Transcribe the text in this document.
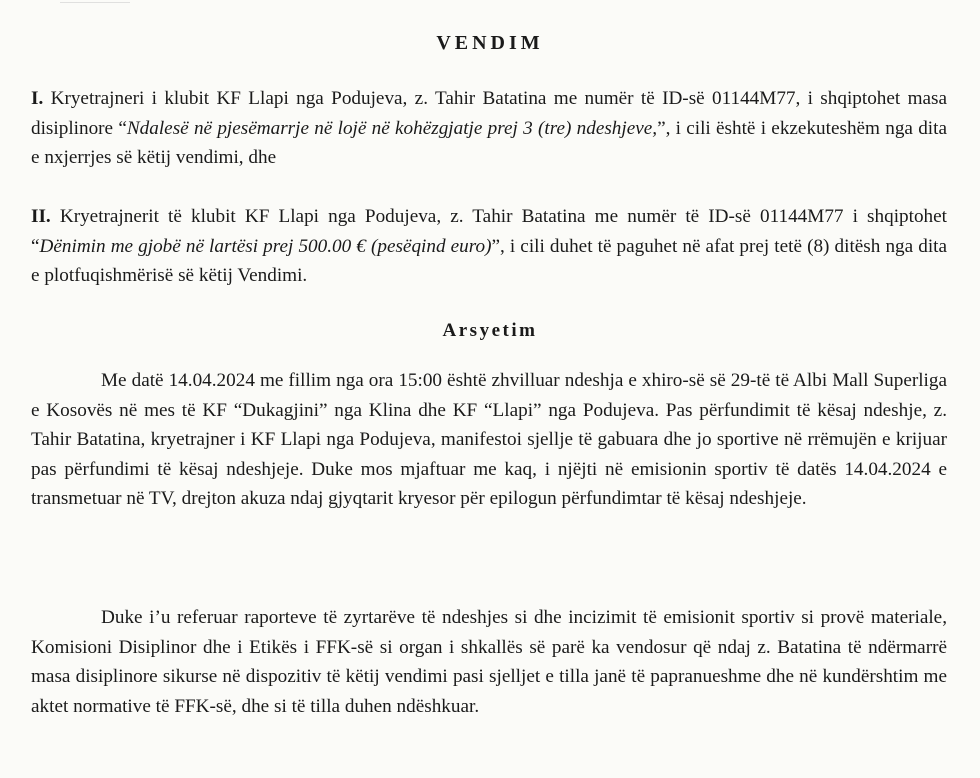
VENDIM

I. Kryetrajneri i klubit KF Llapi nga Podujeva, z. Tahir Batatina me numër të ID-së 01144M77, i shqiptohet masa disiplinore “Ndalesë në pjesëmarrje në lojë në kohëzgjatje prej 3 (tre) ndeshjeve,”, i cili është i ekzekuteshëm nga dita e nxjerrjes së këtij vendimi, dhe

II. Kryetrajnerit të klubit KF Llapi nga Podujeva, z. Tahir Batatina me numër të ID-së 01144M77 i shqiptohet “Dënimin me gjobë në lartësi prej 500.00 € (pesëqind euro)”, i cili duhet të paguhet në afat prej tetë (8) ditësh nga dita e plotfuqishmërisë së këtij Vendimi.

Arsyetim

Me datë 14.04.2024 me fillim nga ora 15:00 është zhvilluar ndeshja e xhiro-së së 29-të të Albi Mall Superliga e Kosovës në mes të KF “Dukagjini” nga Klina dhe KF “Llapi” nga Podujeva. Pas përfundimit të kësaj ndeshje, z. Tahir Batatina, kryetrajner i KF Llapi nga Podujeva, manifestoi sjellje të gabuara dhe jo sportive në rrëmujën e krijuar pas përfundimi të kësaj ndeshjeje. Duke mos mjaftuar me kaq, i njëjti në emisionin sportiv të datës 14.04.2024 e transmetuar në TV, drejton akuza ndaj gjyqtarit kryesor për epilogun përfundimtar të kësaj ndeshjeje.

Duke i’u referuar raporteve të zyrtarëve të ndeshjes si dhe incizimit të emisionit sportiv si provë materiale, Komisioni Disiplinor dhe i Etikës i FFK-së si organ i shkallës së parë ka vendosur që ndaj z. Batatina të ndërmarrë masa disiplinore sikurse në dispozitiv të këtij vendimi pasi sjelljet e tilla janë të papranueshme dhe në kundërshtim me aktet normative të FFK-së, dhe si të tilla duhen ndëshkuar.
